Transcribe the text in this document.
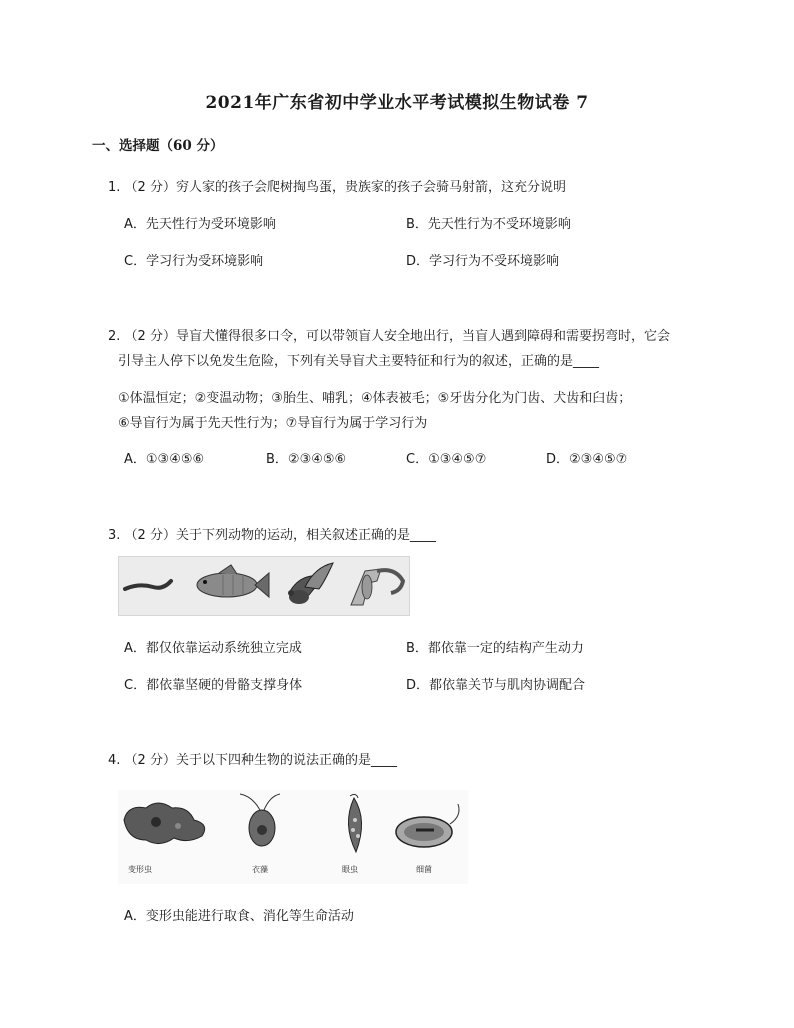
2021年广东省初中学业水平考试模拟生物试卷 7
一、选择题（60 分）
1. （2 分）穷人家的孩子会爬树掏鸟蛋，贵族家的孩子会骑马射箭，这充分说明
A．先天性行为受环境影响	B．先天性行为不受环境影响
C．学习行为受环境影响	D．学习行为不受环境影响
2. （2 分）导盲犬懂得很多口令，可以带领盲人安全地出行，当盲人遇到障碍和需要拐弯时，它会
引导主人停下以免发生危险，下列有关导盲犬主要特征和行为的叙述，正确的是____
①体温恒定；②变温动物；③胎生、哺乳；④体表被毛；⑤牙齿分化为门齿、犬齿和臼齿；
⑥导盲行为属于先天性行为；⑦导盲行为属于学习行为
A．①③④⑤⑥	B．②③④⑤⑥	C．①③④⑤⑦	D．②③④⑤⑦
3. （2 分）关于下列动物的运动，相关叙述正确的是____
A．都仅依靠运动系统独立完成	B．都依靠一定的结构产生动力
C．都依靠坚硬的骨骼支撑身体	D．都依靠关节与肌肉协调配合
4. （2 分）关于以下四种生物的说法正确的是____
变形虫	衣藻	眼虫	细菌
A．变形虫能进行取食、消化等生命活动
